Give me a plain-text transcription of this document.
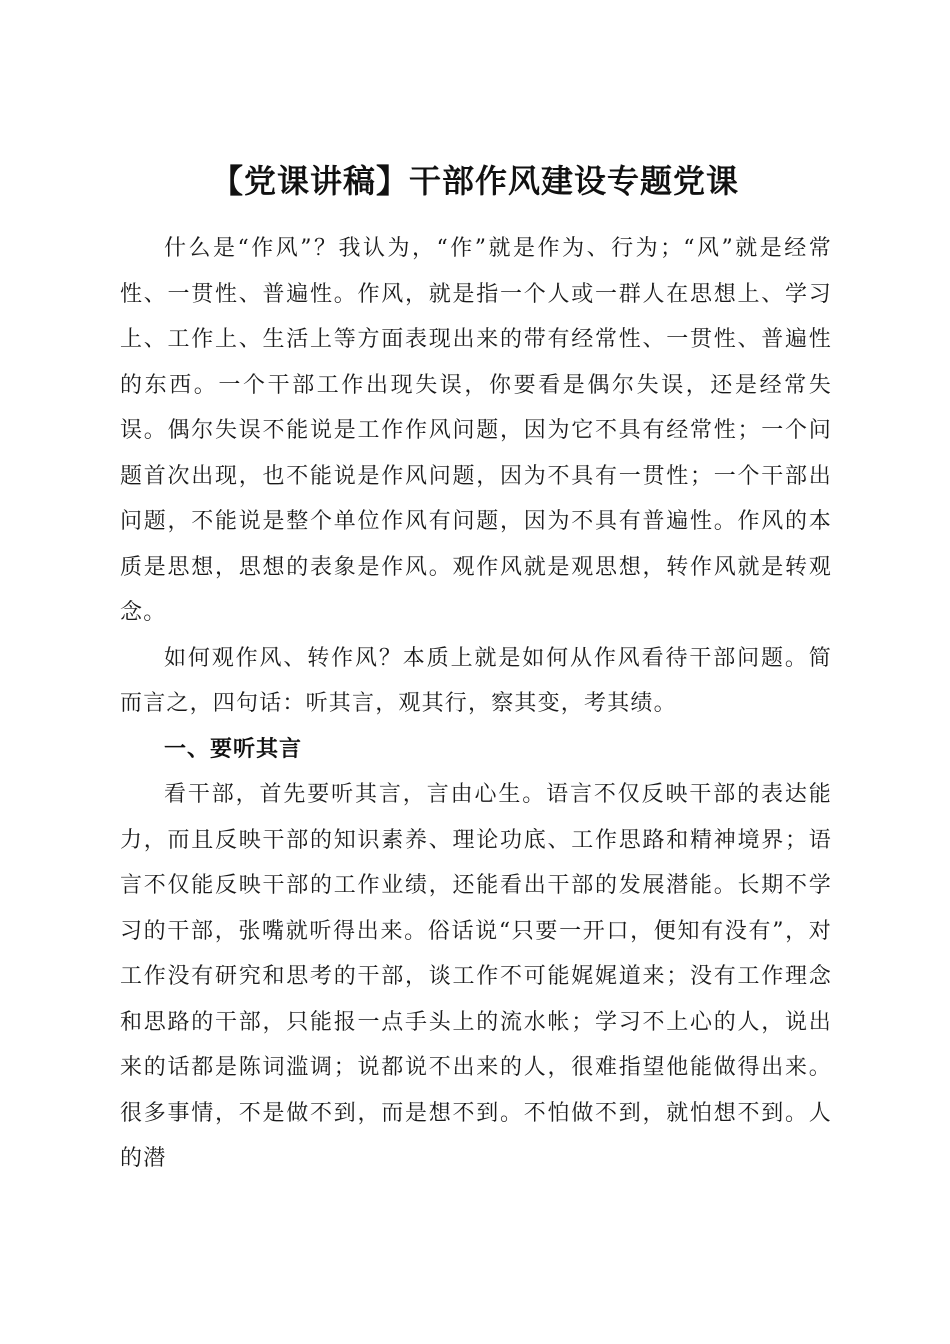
【党课讲稿】干部作风建设专题党课

什么是“作风”？我认为，“作”就是作为、行为；“风”就是经常性、一贯性、普遍性。作风，就是指一个人或一群人在思想上、学习上、工作上、生活上等方面表现出来的带有经常性、一贯性、普遍性的东西。一个干部工作出现失误，你要看是偶尔失误，还是经常失误。偶尔失误不能说是工作作风问题，因为它不具有经常性；一个问题首次出现，也不能说是作风问题，因为不具有一贯性；一个干部出问题，不能说是整个单位作风有问题，因为不具有普遍性。作风的本质是思想，思想的表象是作风。观作风就是观思想，转作风就是转观念。

如何观作风、转作风？本质上就是如何从作风看待干部问题。简而言之，四句话：听其言，观其行，察其变，考其绩。

一、要听其言

看干部，首先要听其言，言由心生。语言不仅反映干部的表达能力，而且反映干部的知识素养、理论功底、工作思路和精神境界；语言不仅能反映干部的工作业绩，还能看出干部的发展潜能。长期不学习的干部，张嘴就听得出来。俗话说“只要一开口，便知有没有”，对工作没有研究和思考的干部，谈工作不可能娓娓道来；没有工作理念和思路的干部，只能报一点手头上的流水帐；学习不上心的人，说出来的话都是陈词滥调；说都说不出来的人，很难指望他能做得出来。很多事情，不是做不到，而是想不到。不怕做不到，就怕想不到。人的潜
